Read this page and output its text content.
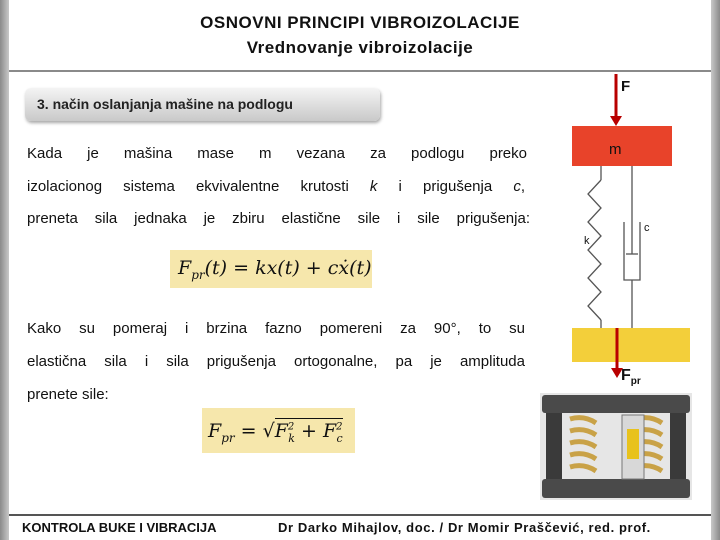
OSNOVNI PRINCIPI VIBROIZOLACIJE
Vrednovanje vibroizolacije
3. način oslanjanja mašine na podlogu
Kada je mašina mase m vezana za podlogu preko
izolacionog sistema ekvivalentne krutosti k i prigušenja c,
preneta sila jednaka je zbiru elastične sile i sile prigušenja:
$F_{pr}(t) = kx(t)$ + cẋ(t)
Kako su pomeraj i brzina fazno pomereni za 90°, to su
elastična sila i sila prigušenja ortogonalne, pa je amplituda
prenete sile:
$F_{pr} = √F^2_k + F^2_c$
F
m
k
c
$F_{pr}$
KONTROLA BUKE I VIBRACIJA	Dr Darko Mihajlov, doc. / Dr Momir Praščević, red. prof.
